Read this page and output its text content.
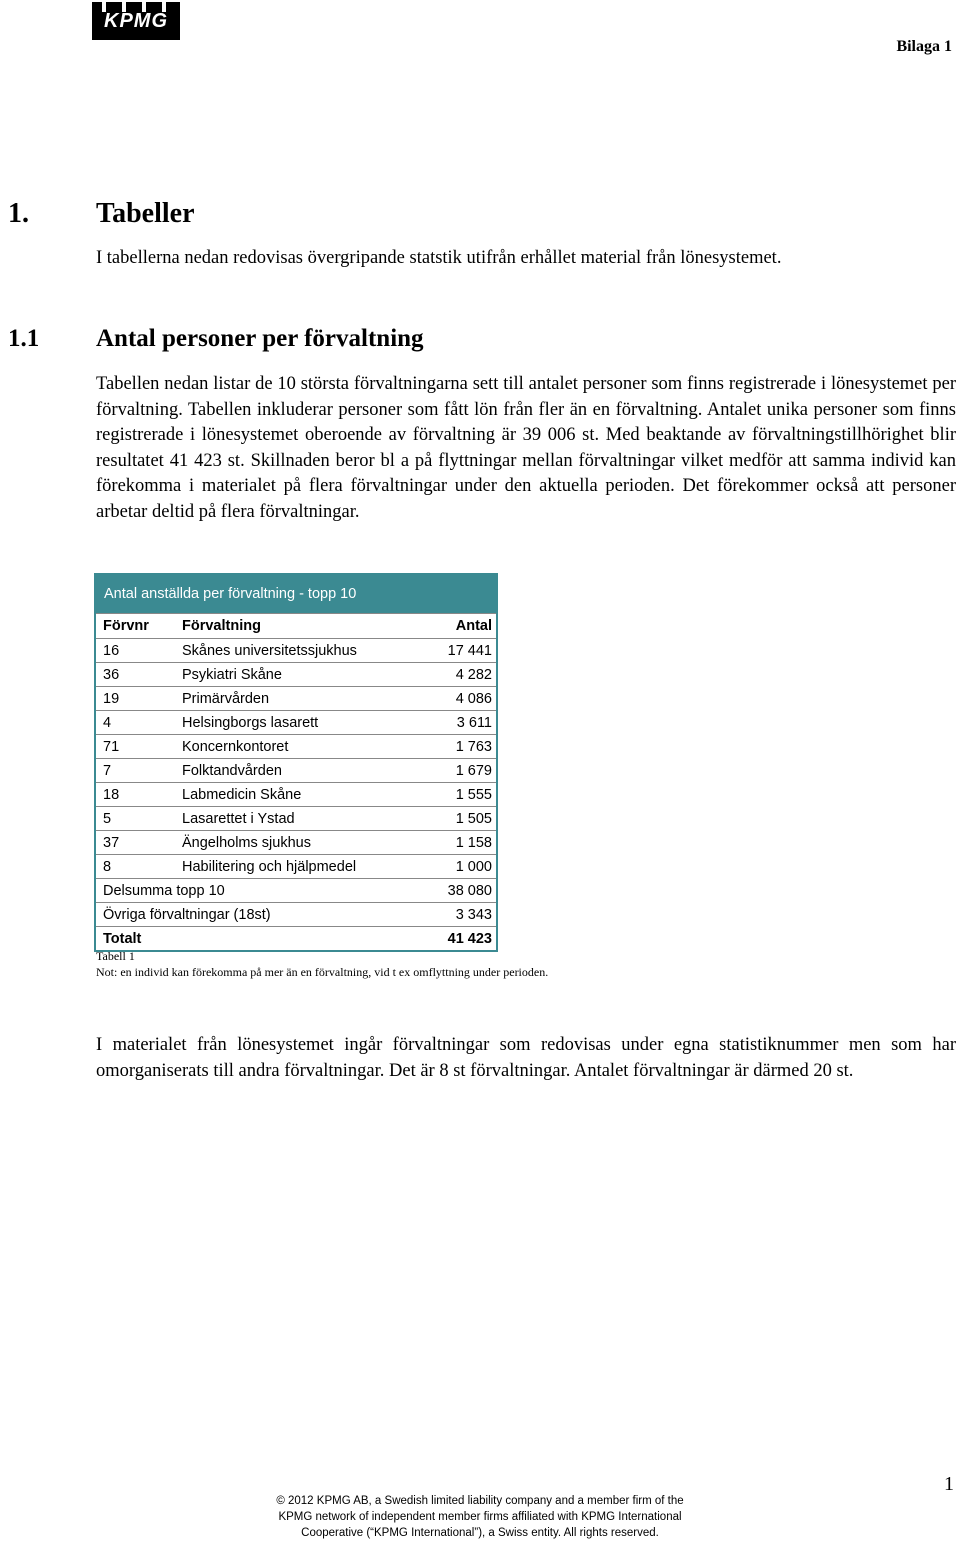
KPMG
Bilaga 1
1. Tabeller
I tabellerna nedan redovisas övergripande statstik utifrån erhållet material från lönesystemet.
1.1 Antal personer per förvaltning

Tabellen nedan listar de 10 största förvaltningarna sett till antalet personer som finns registrerade i lönesystemet per förvaltning. Tabellen inkluderar personer som fått lön från fler än en förvaltning. Antalet unika personer som finns registrerade i lönesystemet oberoende av förvaltning är 39 006 st. Med beaktande av förvaltningstillhörighet blir resultatet 41 423 st. Skillnaden beror bl a på flyttningar mellan förvaltningar vilket medför att samma individ kan förekomma i materialet på flera förvaltningar under den aktuella perioden. Det förekommer också att personer arbetar deltid på flera förvaltningar.

Antal anställda per förvaltning - topp 10
Förvnr	Förvaltning	Antal
16	Skånes universitetssjukhus	17 441
36	Psykiatri Skåne	4 282
19	Primärvården	4 086
4	Helsingborgs lasarett	3 611
71	Koncernkontoret	1 763
7	Folktandvården	1 679
18	Labmedicin Skåne	1 555
5	Lasarettet i Ystad	1 505
37	Ängelholms sjukhus	1 158
8	Habilitering och hjälpmedel	1 000
Delsumma topp 10		38 080
Övriga förvaltningar (18st)		3 343
Totalt		41 423
Tabell 1
Not: en individ kan förekomma på mer än en förvaltning, vid t ex omflyttning under perioden.

I materialet från lönesystemet ingår förvaltningar som redovisas under egna statistiknummer men som har omorganiserats till andra förvaltningar. Det är 8 st förvaltningar. Antalet förvaltningar är därmed 20 st.

1
© 2012 KPMG AB, a Swedish limited liability company and a member firm of the
KPMG network of independent member firms affiliated with KPMG International
Cooperative (“KPMG International”), a Swiss entity. All rights reserved.
